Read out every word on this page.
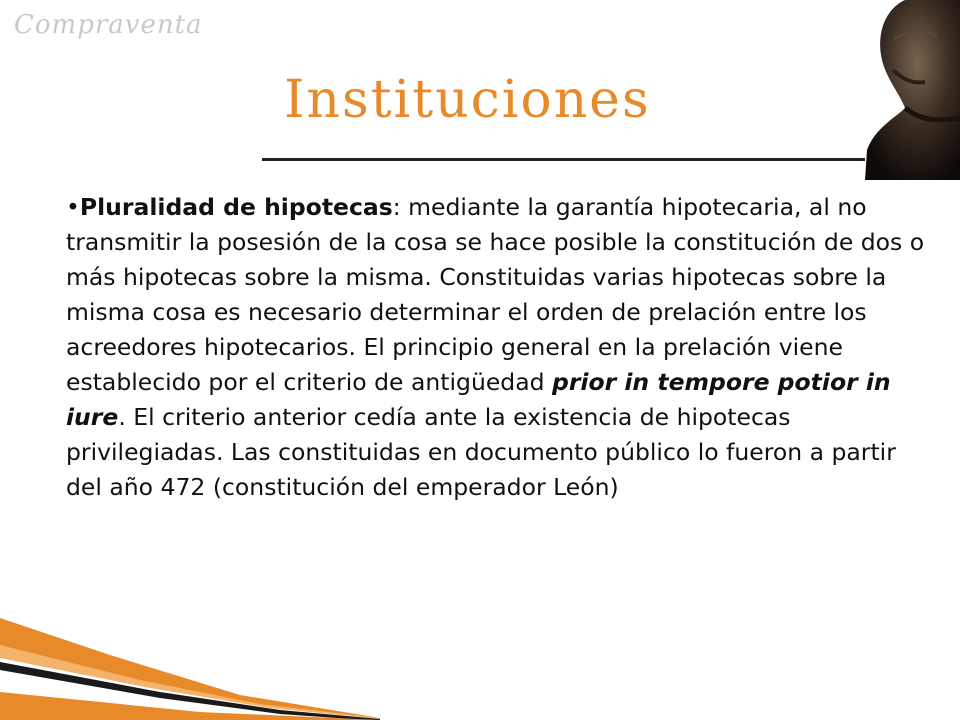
Compraventa
Instituciones

•Pluralidad de hipotecas: mediante la garantía hipotecaria, al no transmitir la posesión de la cosa se hace posible la constitución de dos o más hipotecas sobre la misma. Constituidas varias hipotecas sobre la misma cosa es necesario determinar el orden de prelación entre los acreedores hipotecarios. El principio general en la prelación viene establecido por el criterio de antigüedad prior in tempore potior in iure. El criterio anterior cedía ante la existencia de hipotecas privilegiadas. Las constituidas en documento público lo fueron a partir del año 472 (constitución del emperador León)
